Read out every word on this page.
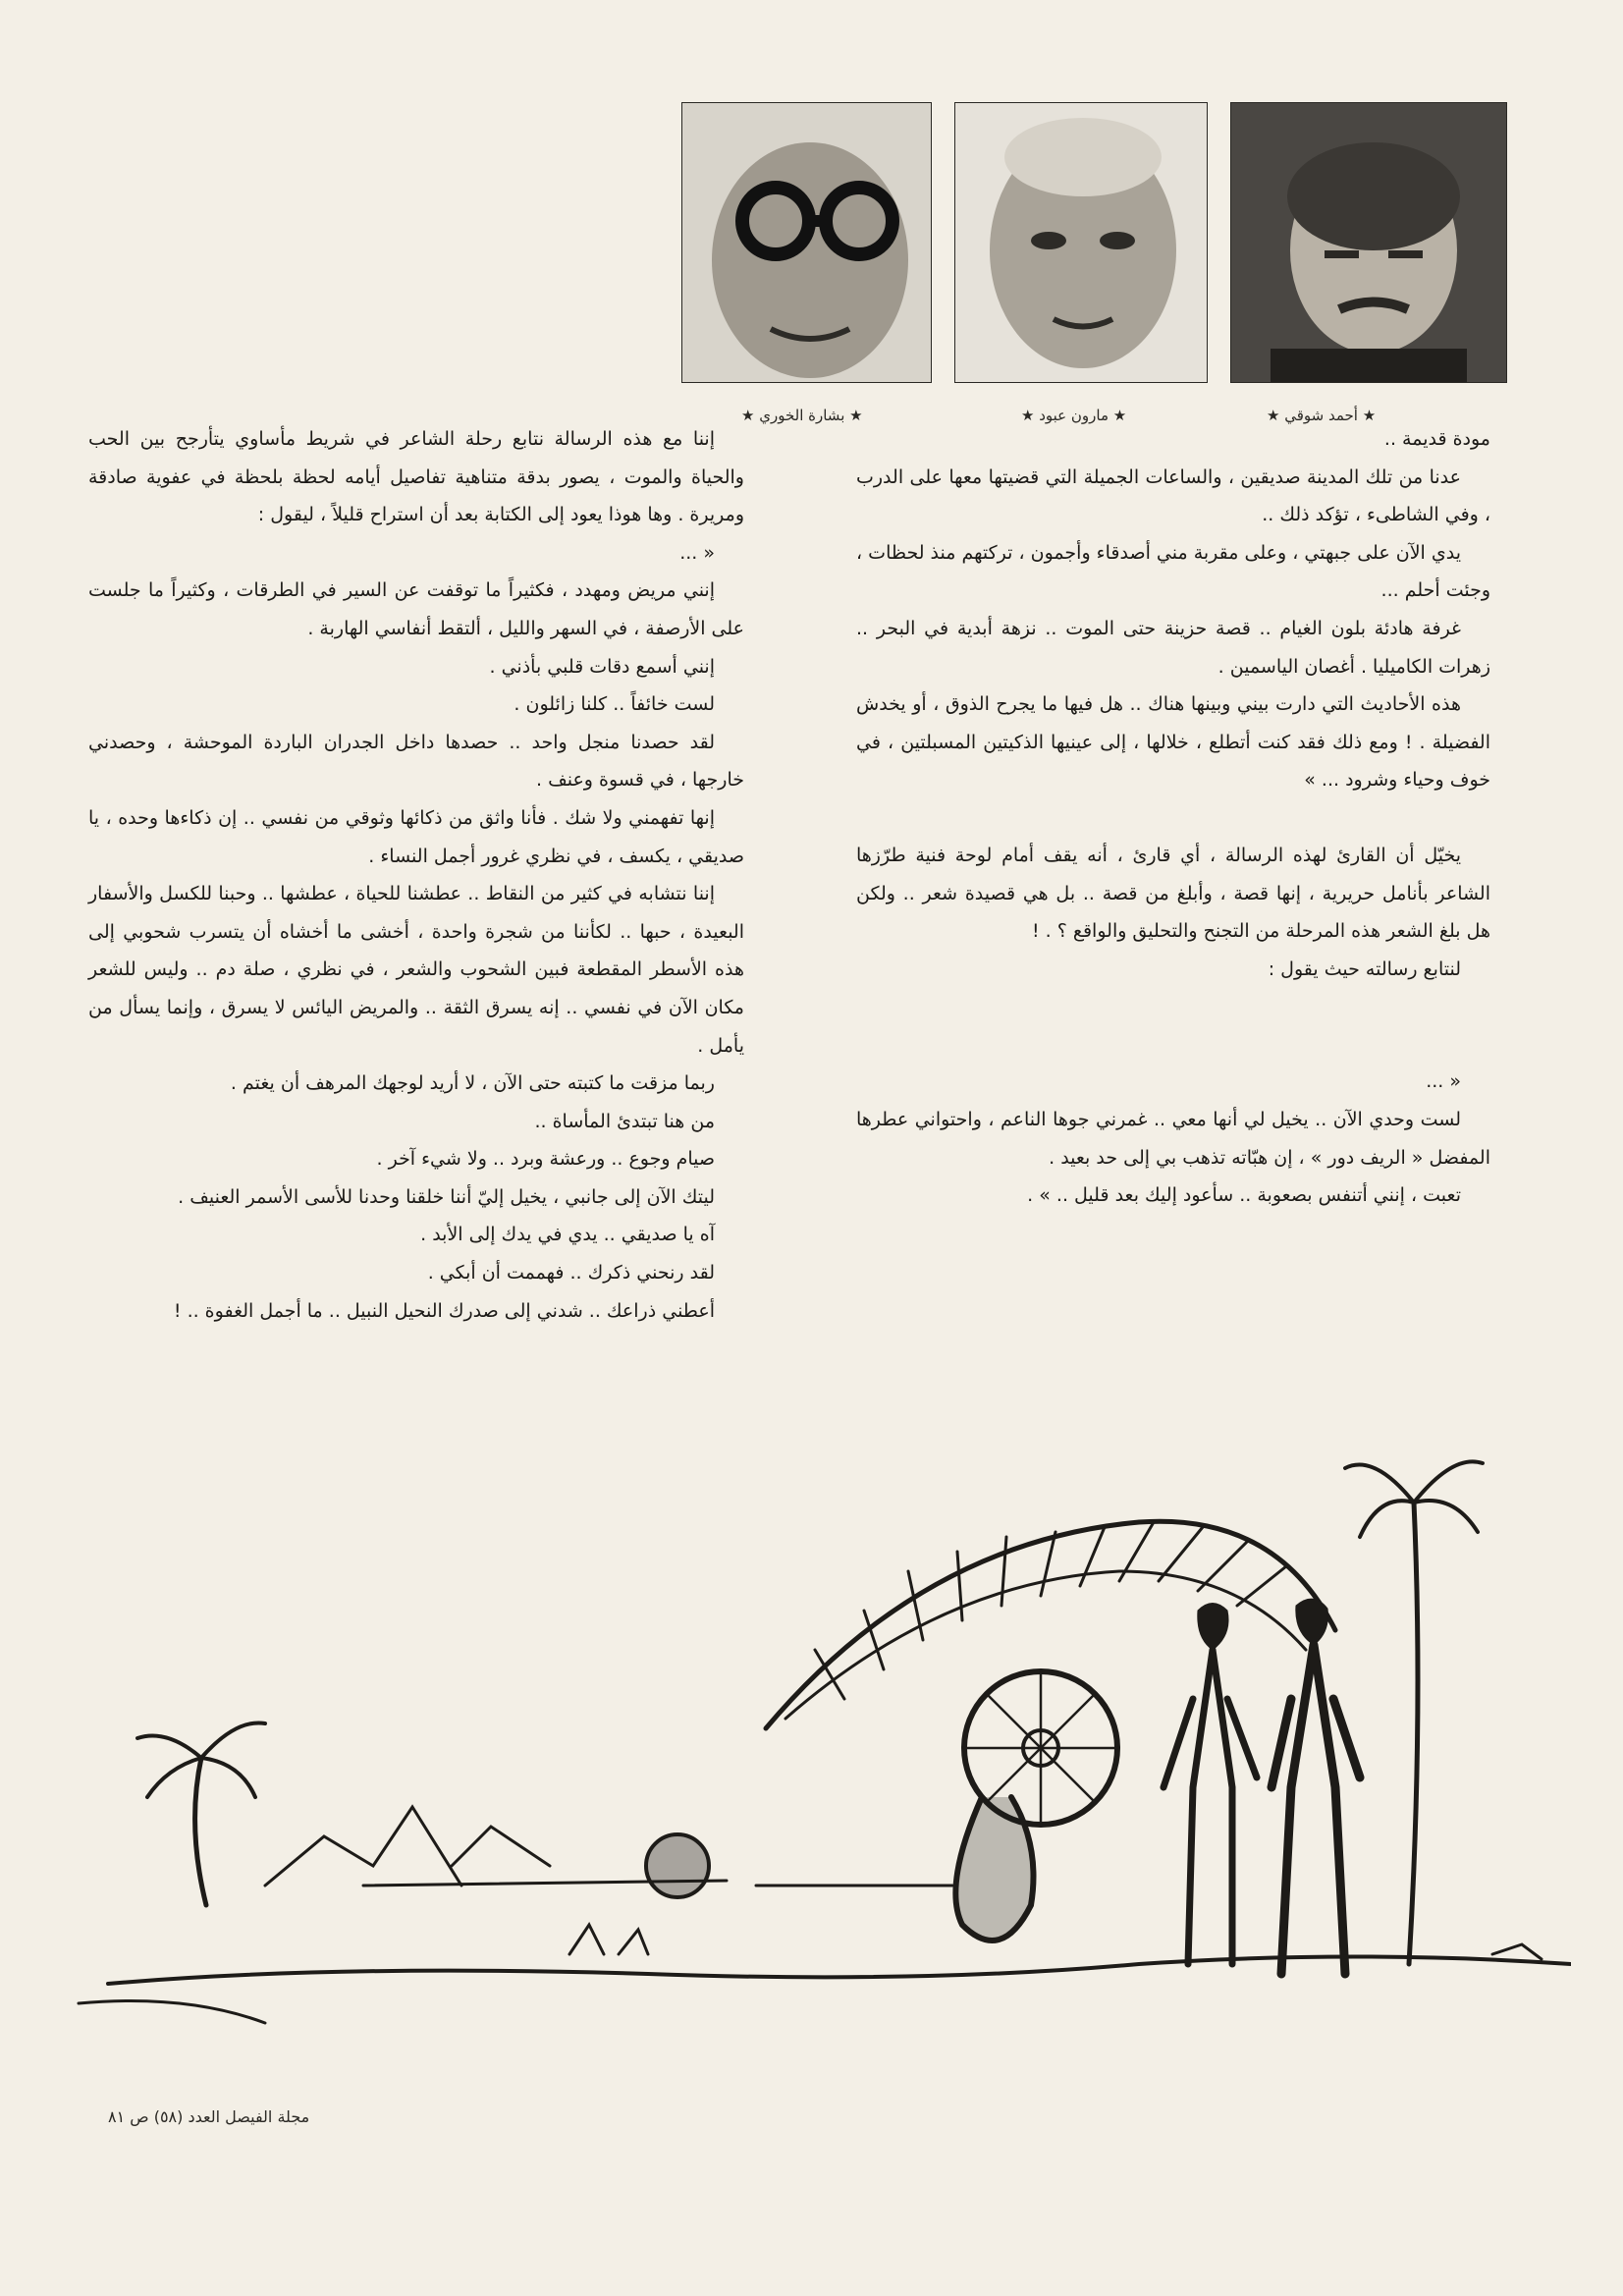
★ أحمد شوقي ★
★ مارون عبود ★
★ بشارة الخوري ★

مودة قديمة ..

عدنا من تلك المدينة صديقين ، والساعات الجميلة التي قضيتها معها على الدرب ، وفي الشاطىء ، تؤكد ذلك ..

يدي الآن على جبهتي ، وعلى مقربة مني أصدقاء وأجمون ، تركتهم منذ لحظات ، وجئت أحلم ...

غرفة هادئة بلون الغيام .. قصة حزينة حتى الموت .. نزهة أبدية في البحر .. زهرات الكاميليا . أغصان الياسمين .

هذه الأحاديث التي دارت بيني وبينها هناك .. هل فيها ما يجرح الذوق ، أو يخدش الفضيلة . ! ومع ذلك فقد كنت أتطلع ، خلالها ، إلى عينيها الذكيتين المسبلتين ، في خوف وحياء وشرود ... »

يخيّل أن القارئ لهذه الرسالة ، أي قارئ ، أنه يقف أمام لوحة فنية طرّزها الشاعر بأنامل حريرية ، إنها قصة ، وأبلغ من قصة .. بل هي قصيدة شعر .. ولكن هل بلغ الشعر هذه المرحلة من التجنح والتحليق والواقع ؟ . !

لنتابع رسالته حيث يقول :

« ...

لست وحدي الآن .. يخيل لي أنها معي .. غمرني جوها الناعم ، واحتواني عطرها المفضل « الريف دور » ، إن هبّاته تذهب بي إلى حد بعيد .

تعبت ، إنني أتنفس بصعوبة .. سأعود إليك بعد قليل .. » .

إننا مع هذه الرسالة نتابع رحلة الشاعر في شريط مأساوي يتأرجح بين الحب والحياة والموت ، يصور بدقة متناهية تفاصيل أيامه لحظة بلحظة في عفوية صادقة ومريرة . وها هوذا يعود إلى الكتابة بعد أن استراح قليلاً ، ليقول :

« ...

إنني مريض ومهدد ، فكثيراً ما توقفت عن السير في الطرقات ، وكثيراً ما جلست على الأرصفة ، في السهر والليل ، ألتقط أنفاسي الهاربة .

إنني أسمع دقات قلبي بأذني .

لست خائفاً .. كلنا زائلون .

لقد حصدنا منجل واحد .. حصدها داخل الجدران الباردة الموحشة ، وحصدني خارجها ، في قسوة وعنف .

إنها تفهمني ولا شك . فأنا واثق من ذكائها وثوقي من نفسي .. إن ذكاءها وحده ، يا صديقي ، يكسف ، في نظري غرور أجمل النساء .

إننا نتشابه في كثير من النقاط .. عطشنا للحياة ، عطشها .. وحبنا للكسل والأسفار البعيدة ، حبها .. لكأننا من شجرة واحدة ، أخشى ما أخشاه أن يتسرب شحوبي إلى هذه الأسطر المقطعة فبين الشحوب والشعر ، في نظري ، صلة دم .. وليس للشعر مكان الآن في نفسي .. إنه يسرق الثقة .. والمريض اليائس لا يسرق ، وإنما يسأل من يأمل .

ربما مزقت ما كتبته حتى الآن ، لا أريد لوجهك المرهف أن يغتم .

من هنا تبتدئ المأساة ..

صيام وجوع .. ورعشة وبرد .. ولا شيء آخر .

ليتك الآن إلى جانبي ، يخيل إليّ أننا خلقنا وحدنا للأسى الأسمر العنيف .

آه يا صديقي .. يدي في يدك إلى الأبد .

لقد رنحني ذكرك .. فهممت أن أبكي .

أعطني ذراعك .. شدني إلى صدرك النحيل النبيل .. ما أجمل الغفوة .. !

مجلة الفيصل العدد (٥٨) ص ٨١
